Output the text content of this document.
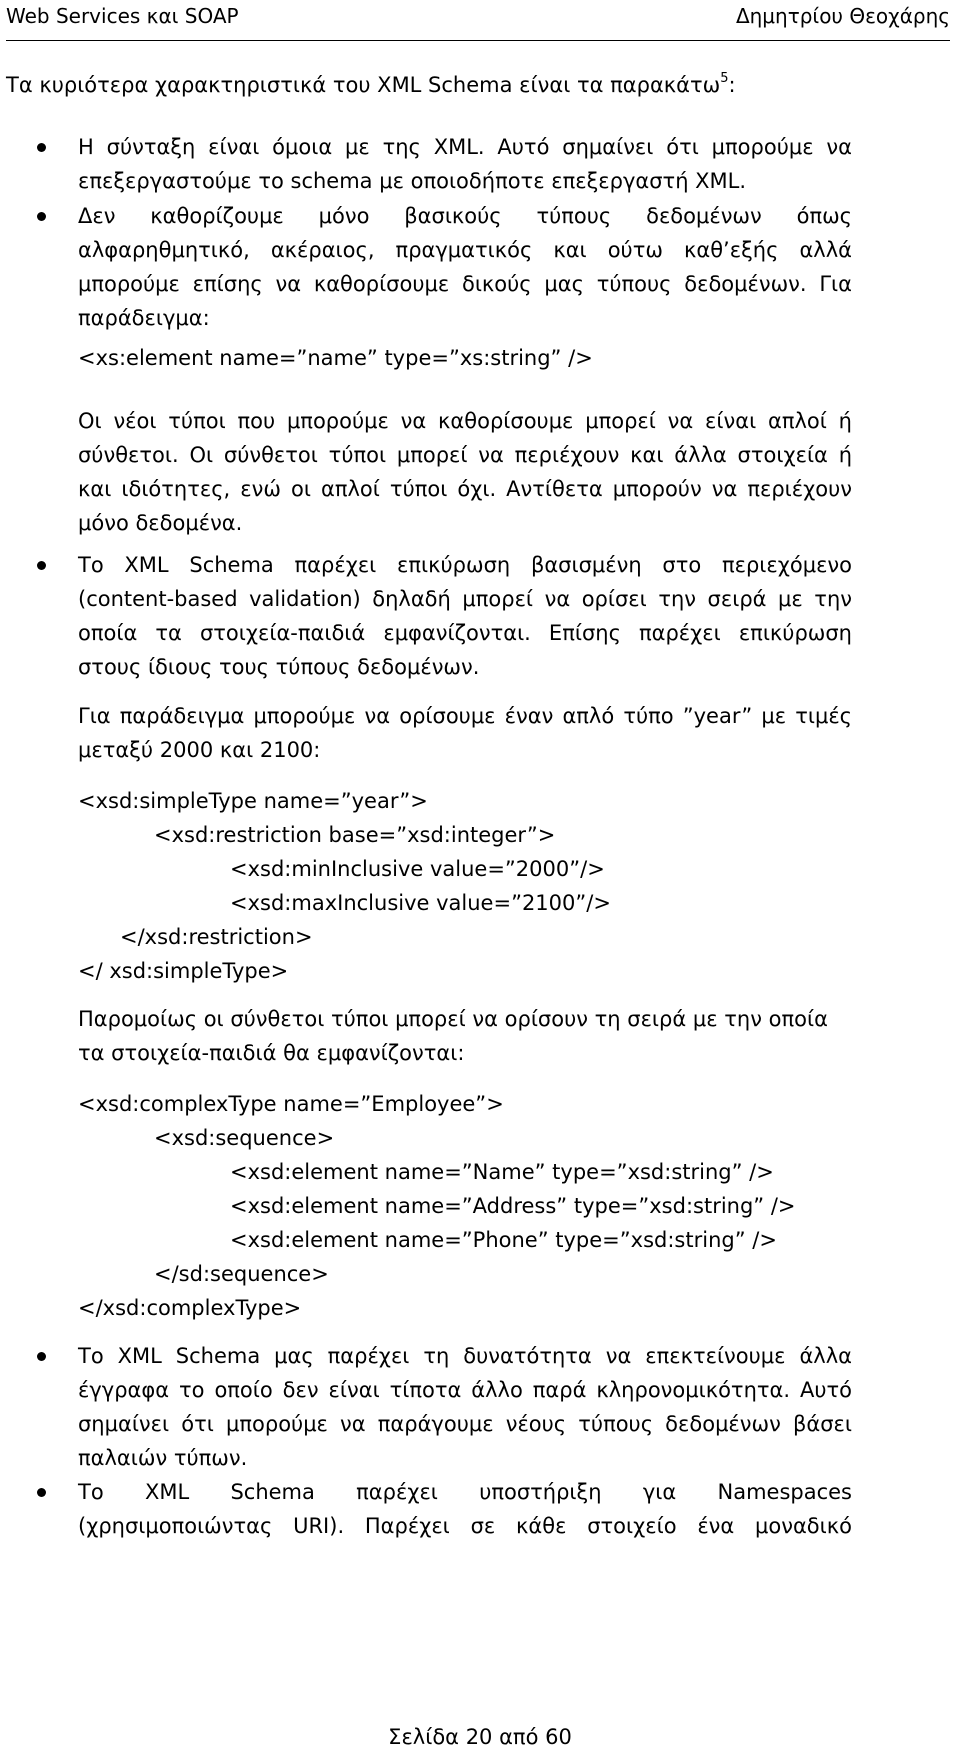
Web Services και SOAP	Δημητρίου Θεοχάρης
Τα κυριότερα χαρακτηριστικά του XML Schema είναι τα παρακάτω$^5$:
Η σύνταξη είναι όμοια με της XML. Αυτό σημαίνει ότι μπορούμε να
επεξεργαστούμε το schema με οποιοδήποτε επεξεργαστή XML.
Δεν καθορίζουμε μόνο βασικούς τύπους δεδομένων όπως
αλφαρηθμητικό, ακέραιος, πραγματικός και ούτω καθ’εξής αλλά
μπορούμε επίσης να καθορίσουμε δικούς μας τύπους δεδομένων. Για
παράδειγμα:
<xs:element name=”name” type=”xs:string” />
Οι νέοι τύποι που μπορούμε να καθορίσουμε μπορεί να είναι απλοί ή
σύνθετοι. Οι σύνθετοι τύποι μπορεί να περιέχουν και άλλα στοιχεία ή
και ιδιότητες, ενώ οι απλοί τύποι όχι. Αντίθετα μπορούν να περιέχουν
μόνο δεδομένα.
Το XML Schema παρέχει επικύρωση βασισμένη στο περιεχόμενο
(content-based validation) δηλαδή μπορεί να ορίσει την σειρά με την
οποία τα στοιχεία-παιδιά εμφανίζονται. Επίσης παρέχει επικύρωση
στους ίδιους τους τύπους δεδομένων.
Για παράδειγμα μπορούμε να ορίσουμε έναν απλό τύπο ”year” με τιμές
μεταξύ 2000 και 2100:
<xsd:simpleType name=”year”>
<xsd:restriction base=”xsd:integer”>
<xsd:minInclusive value=”2000”/>
<xsd:maxInclusive value=”2100”/>
</xsd:restriction>
</ xsd:simpleType>
Παρομοίως οι σύνθετοι τύποι μπορεί να ορίσουν τη σειρά με την οποία
τα στοιχεία-παιδιά θα εμφανίζονται:
<xsd:complexType name=”Employee”>
<xsd:sequence>
<xsd:element name=”Name” type=”xsd:string” />
<xsd:element name=”Address” type=”xsd:string” />
<xsd:element name=”Phone” type=”xsd:string” />
</sd:sequence>
</xsd:complexType>
Το XML Schema μας παρέχει τη δυνατότητα να επεκτείνουμε άλλα
έγγραφα το οποίο δεν είναι τίποτα άλλο παρά κληρονομικότητα. Αυτό
σημαίνει ότι μπορούμε να παράγουμε νέους τύπους δεδομένων βάσει
παλαιών τύπων.
Το XML Schema παρέχει υποστήριξη για Namespaces
(χρησιμοποιώντας URI). Παρέχει σε κάθε στοιχείο ένα μοναδικό
Σελίδα 20 από 60
